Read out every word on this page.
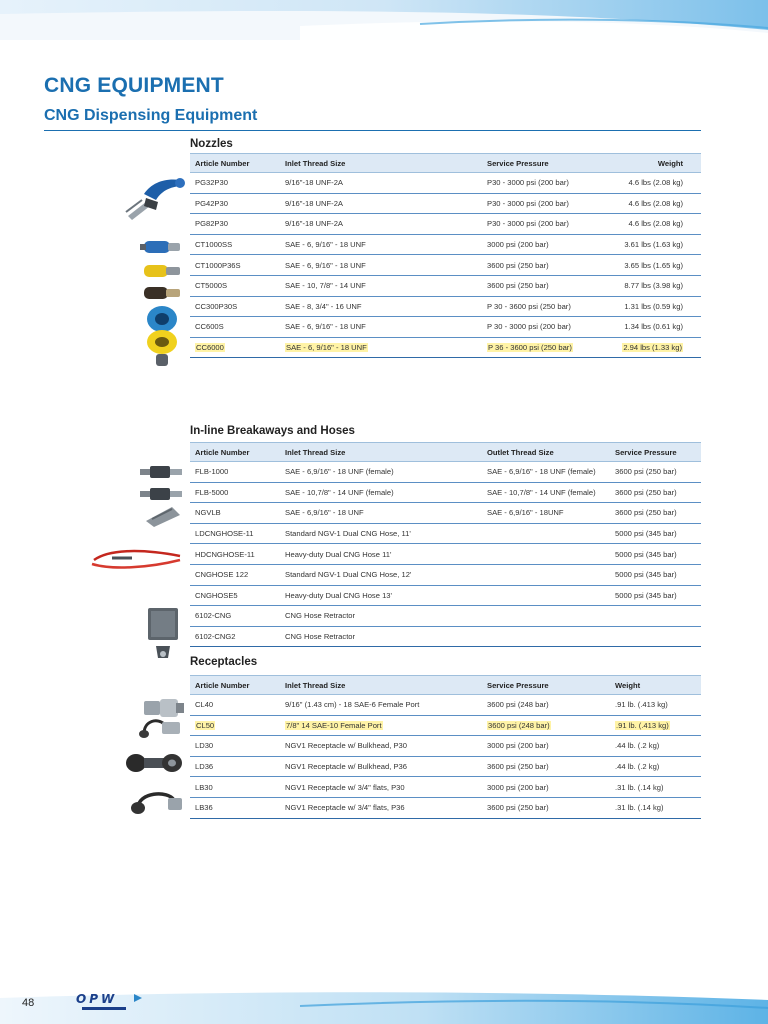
CNG EQUIPMENT
CNG Dispensing Equipment
Nozzles
Article Number	Inlet Thread Size	Service Pressure	Weight
PG32P30	9/16"-18 UNF-2A	P30 - 3000 psi (200 bar)	4.6 lbs (2.08 kg)
PG42P30	9/16"-18 UNF-2A	P30 - 3000 psi (200 bar)	4.6 lbs (2.08 kg)
PG82P30	9/16"-18 UNF-2A	P30 - 3000 psi (200 bar)	4.6 lbs (2.08 kg)
CT1000SS	SAE - 6, 9/16" - 18 UNF	3000 psi (200 bar)	3.61 lbs (1.63 kg)
CT1000P36S	SAE - 6, 9/16" - 18 UNF	3600 psi (250 bar)	3.65 lbs (1.65 kg)
CT5000S	SAE - 10, 7/8" - 14 UNF	3600 psi (250 bar)	8.77 lbs (3.98 kg)
CC300P30S	SAE - 8, 3/4" - 16 UNF	P 30 - 3600 psi (250 bar)	1.31 lbs (0.59 kg)
CC600S	SAE - 6, 9/16" - 18 UNF	P 30 - 3000 psi (200 bar)	1.34 lbs (0.61 kg)
CC6000	SAE - 6, 9/16" - 18 UNF	P 36 - 3600 psi (250 bar)	2.94 lbs (1.33 kg)
In-line Breakaways and Hoses
Article Number	Inlet Thread Size	Outlet Thread Size	Service Pressure
FLB-1000	SAE - 6,9/16" - 18 UNF (female)	SAE - 6,9/16" - 18 UNF (female)	3600 psi (250 bar)
FLB-5000	SAE - 10,7/8" - 14 UNF (female)	SAE - 10,7/8" - 14 UNF (female)	3600 psi (250 bar)
NGVLB	SAE - 6,9/16" - 18 UNF	SAE - 6,9/16" - 18UNF	3600 psi (250 bar)
LDCNGHOSE-11	Standard NGV-1 Dual CNG Hose, 11'		5000 psi (345 bar)
HDCNGHOSE-11	Heavy-duty Dual CNG Hose 11'		5000 psi (345 bar)
CNGHOSE 122	Standard NGV-1 Dual CNG Hose, 12'		5000 psi (345 bar)
CNGHOSE5	Heavy-duty Dual CNG Hose 13'		5000 psi (345 bar)
6102-CNG	CNG Hose Retractor		
6102-CNG2	CNG Hose Retractor		
Receptacles
Article Number	Inlet Thread Size	Service Pressure	Weight
CL40	9/16" (1.43 cm) - 18 SAE-6 Female Port	3600 psi (248 bar)	.91 lb. (.413 kg)
CL50	7/8" 14 SAE-10 Female Port	3600 psi (248 bar)	.91 lb. (.413 kg)
LD30	NGV1 Receptacle w/ Bulkhead, P30	3000 psi (200 bar)	.44 lb. (.2 kg)
LD36	NGV1 Receptacle w/ Bulkhead, P36	3600 psi (250 bar)	.44 lb. (.2 kg)
LB30	NGV1 Receptacle w/ 3/4" flats, P30	3000 psi (200 bar)	.31 lb. (.14 kg)
LB36	NGV1 Receptacle w/ 3/4" flats, P36	3600 psi (250 bar)	.31 lb. (.14 kg)
48	OPW
